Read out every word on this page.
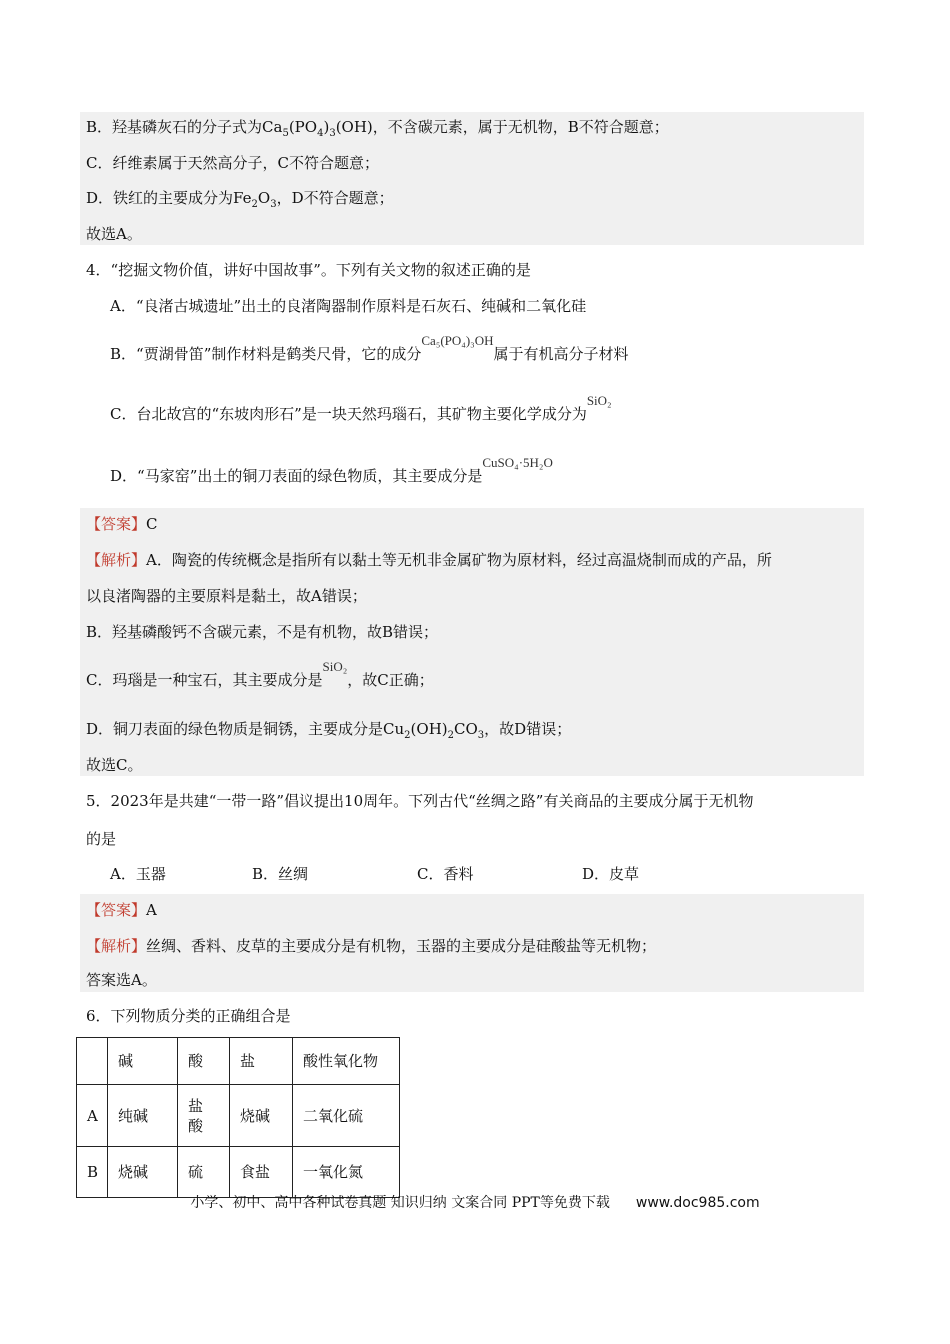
B．羟基磷灰石的分子式为$Ca_5(PO_4)_3(OH)$，不含碳元素，属于无机物，B不符合题意；
C．纤维素属于天然高分子，C不符合题意；
D．铁红的主要成分为$Fe_2O_3$，D不符合题意；
故选A。
4．“挖掘文物价值，讲好中国故事”。下列有关文物的叙述正确的是
A．“良渚古城遗址”出土的良渚陶器制作原料是石灰石、纯碱和二氧化硅
B．“贾湖骨笛”制作材料是鹤类尺骨，它的成分Ca₅(PO₄)₃OH属于有机高分子材料
C．台北故宫的“东坡肉形石”是一块天然玛瑙石，其矿物主要化学成分为SiO₂
D．“马家窑”出土的铜刀表面的绿色物质，其主要成分是CuSO₄·5H₂O
【答案】C
【解析】A．陶瓷的传统概念是指所有以黏土等无机非金属矿物为原材料，经过高温烧制而成的产品，所
以良渚陶器的主要原料是黏土，故A错误；
B．羟基磷酸钙不含碳元素，不是有机物，故B错误；
C．玛瑙是一种宝石，其主要成分是SiO₂，故C正确；
D．铜刀表面的绿色物质是铜锈，主要成分是$Cu_2(OH)_2CO_3$，故D错误；
故选C。
5．2023年是共建“一带一路”倡议提出10周年。下列古代“丝绸之路”有关商品的主要成分属于无机物
的是
A．玉器	B．丝绸	C．香料	D．皮草
【答案】A
【解析】丝绸、香料、皮草的主要成分是有机物，玉器的主要成分是硅酸盐等无机物；
答案选A。
6．下列物质分类的正确组合是
	碱	酸	盐	酸性氧化物
A	纯碱	盐酸	烧碱	二氧化硫
B	烧碱	硫	食盐	一氧化氮
小学、初中、高中各种试卷真题 知识归纳 文案合同 PPT等免费下载 www.doc985.com
